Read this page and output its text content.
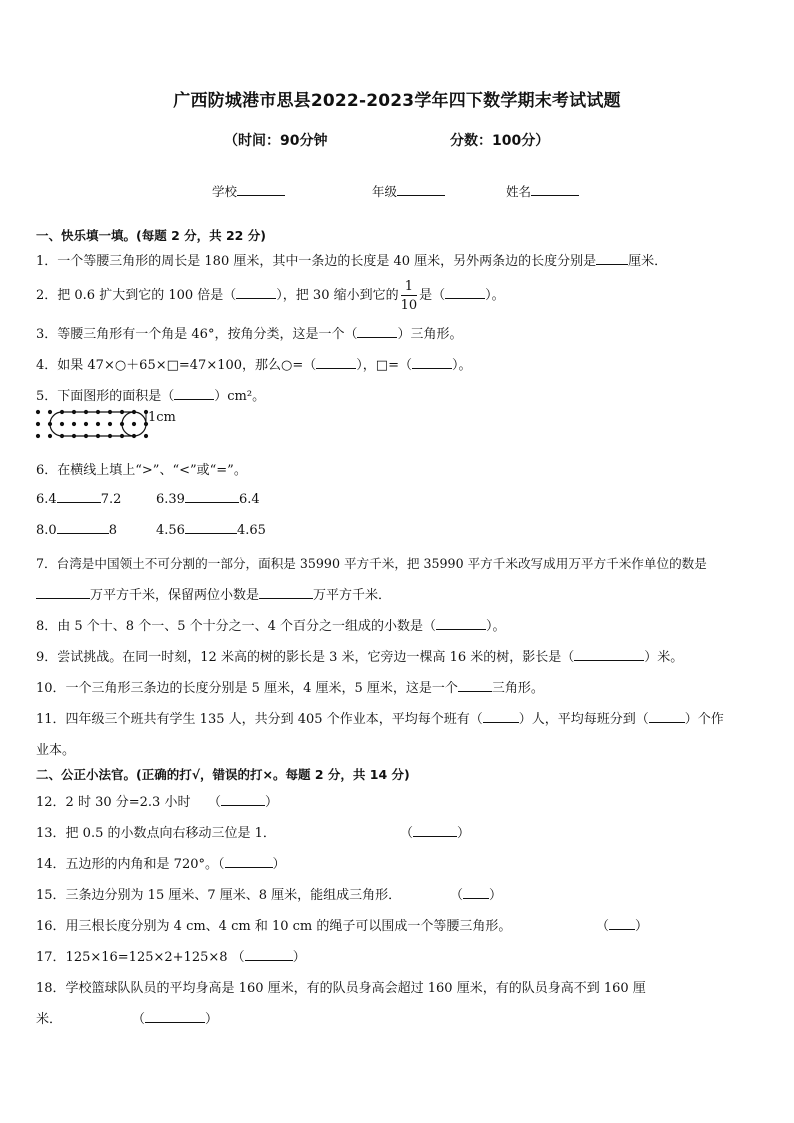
广西防城港市思县2022-2023学年四下数学期末考试试题
（时间：90分钟	分数：100分）
学校	年级	姓名
一、快乐填一填。(每题 2 分，共 22 分)
1．一个等腰三角形的周长是 180 厘米，其中一条边的长度是 40 厘米，另外两条边的长度分别是 厘米．
2．把 0.6 扩大到它的 100 倍是（	），把 30 缩小到它的 $\frac{1}{10}$ 是（	）。
3．等腰三角形有一个角是 46°，按角分类，这是一个（	）三角形。
4．如果 47×○＋65×□=47×100，那么○=（	），□=（	）。
5．下面图形的面积是（	）cm²。
1cm
6．在横线上填上“>”、“<”或“=”。
6.4	7.2	6.39	6.4
8.0	8	4.56	4.65
7．台湾是中国领土不可分割的一部分，面积是 35990 平方千米，把 35990 平方千米改写成用万平方千米作单位的数是
万平方千米，保留两位小数是	万平方千米．
8．由 5 个十、8 个一、5 个十分之一、4 个百分之一组成的小数是（	）。
9．尝试挑战。在同一时刻，12 米高的树的影长是 3 米，它旁边一棵高 16 米的树，影长是（	）米。
10．一个三角形三条边的长度分别是 5 厘米，4 厘米，5 厘米，这是一个	三角形。
11．四年级三个班共有学生 135 人，共分到 405 个作业本，平均每个班有（	）人，平均每班分到（	）个作
业本。
二、公正小法官。(正确的打√，错误的打×。每题 2 分，共 14 分)
12．2 时 30 分=2.3 小时 （	）
13．把 0.5 的小数点向右移动三位是 1．	（	）
14．五边形的内角和是 720°。（	）
15．三条边分别为 15 厘米、7 厘米、8 厘米，能组成三角形．	（ ）
16．用三根长度分别为 4 cm、4 cm 和 10 cm 的绳子可以围成一个等腰三角形。	（ ）
17．125×16=125×2+125×8 （	）
18．学校篮球队队员的平均身高是 160 厘米，有的队员身高会超过 160 厘米，有的队员身高不到 160 厘
米．	（	）
